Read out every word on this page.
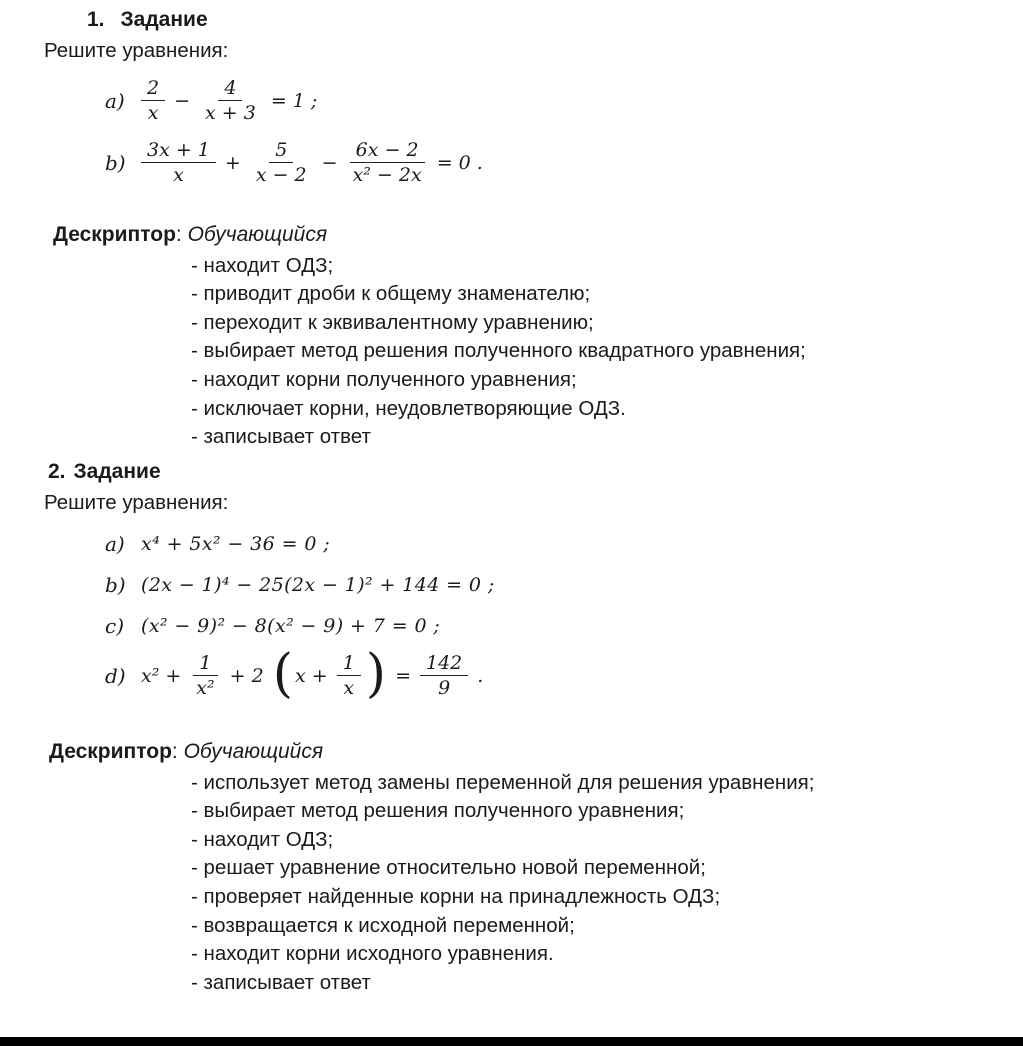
1. Задание
Решите уравнения:
$a) \frac{2}{x} - \frac{4}{x + 3} = 1$ ;
$b) \frac{3x + 1}{x} + \frac{5}{x - 2} - \frac{6x - 2}{\text{x² − 2x}} = 0$ .
Дескриптор: Обучающийся
- находит ОДЗ;
- приводит дроби к общему знаменателю;
- переходит к эквивалентному уравнению;
- выбирает метод решения полученного квадратного уравнения;
- находит корни полученного уравнения;
- исключает корни, неудовлетворяющие ОДЗ.
- записывает ответ
2. Задание
Решите уравнения:
a) x⁴ + 5x² − 36 = 0 ;
b) (2x − 1)⁴ − 25(2x − 1)² + 144 = 0 ;
c) (x² − 9)² − 8(x² − 9) + 7 = 0 ;
d) $x^2 + \frac{1}{\text{x²}} + 2$ ( $x + \frac{1}{x}$ ) = $\frac{142}{9}$ .
Дескриптор: Обучающийся
- использует метод замены переменной для решения уравнения;
- выбирает метод решения полученного уравнения;
- находит ОДЗ;
- решает уравнение относительно новой переменной;
- проверяет найденные корни на принадлежность ОДЗ;
- возвращается к исходной переменной;
- находит корни исходного уравнения.
- записывает ответ
